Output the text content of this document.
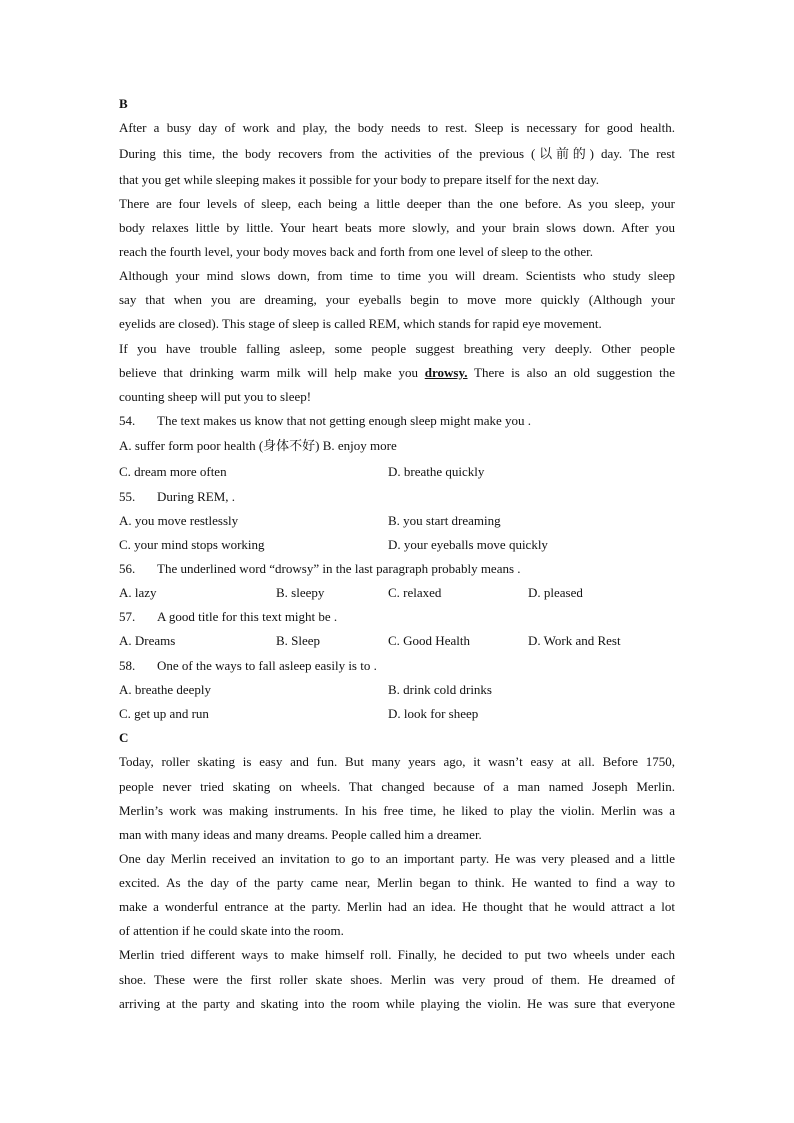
B
After a busy day of work and play, the body needs to rest. Sleep is necessary for good health.
During this time, the body recovers from the activities of the previous (以前的) day. The rest
that you get while sleeping makes it possible for your body to prepare itself for the next day.
There are four levels of sleep, each being a little deeper than the one before. As you sleep, your
body relaxes little by little. Your heart beats more slowly, and your brain slows down. After you
reach the fourth level, your body moves back and forth from one level of sleep to the other.
Although your mind slows down, from time to time you will dream. Scientists who study sleep
say that when you are dreaming, your eyeballs begin to move more quickly (Although your
eyelids are closed). This stage of sleep is called REM, which stands for rapid eye movement.
If you have trouble falling asleep, some people suggest breathing very deeply. Other people
believe that drinking warm milk will help make you drowsy. There is also an old suggestion the
counting sheep will put you to sleep!
54. The text makes us know that not getting enough sleep might make you .
A. suffer form poor health (身体不好) B. enjoy more
C. dream more often	D. breathe quickly
55. During REM, .
A. you move restlessly	B. you start dreaming
C. your mind stops working	D. your eyeballs move quickly
56. The underlined word “drowsy” in the last paragraph probably means .
A. lazy	B. sleepy	C. relaxed	D. pleased
57. A good title for this text might be .
A. Dreams	B. Sleep	C. Good Health	D. Work and Rest
58. One of the ways to fall asleep easily is to .
A. breathe deeply	B. drink cold drinks
C. get up and run	D. look for sheep
C
Today, roller skating is easy and fun. But many years ago, it wasn’t easy at all. Before 1750,
people never tried skating on wheels. That changed because of a man named Joseph Merlin.
Merlin’s work was making instruments. In his free time, he liked to play the violin. Merlin was a
man with many ideas and many dreams. People called him a dreamer.
One day Merlin received an invitation to go to an important party. He was very pleased and a little
excited. As the day of the party came near, Merlin began to think. He wanted to find a way to
make a wonderful entrance at the party. Merlin had an idea. He thought that he would attract a lot
of attention if he could skate into the room.
Merlin tried different ways to make himself roll. Finally, he decided to put two wheels under each
shoe. These were the first roller skate shoes. Merlin was very proud of them. He dreamed of
arriving at the party and skating into the room while playing the violin. He was sure that everyone
